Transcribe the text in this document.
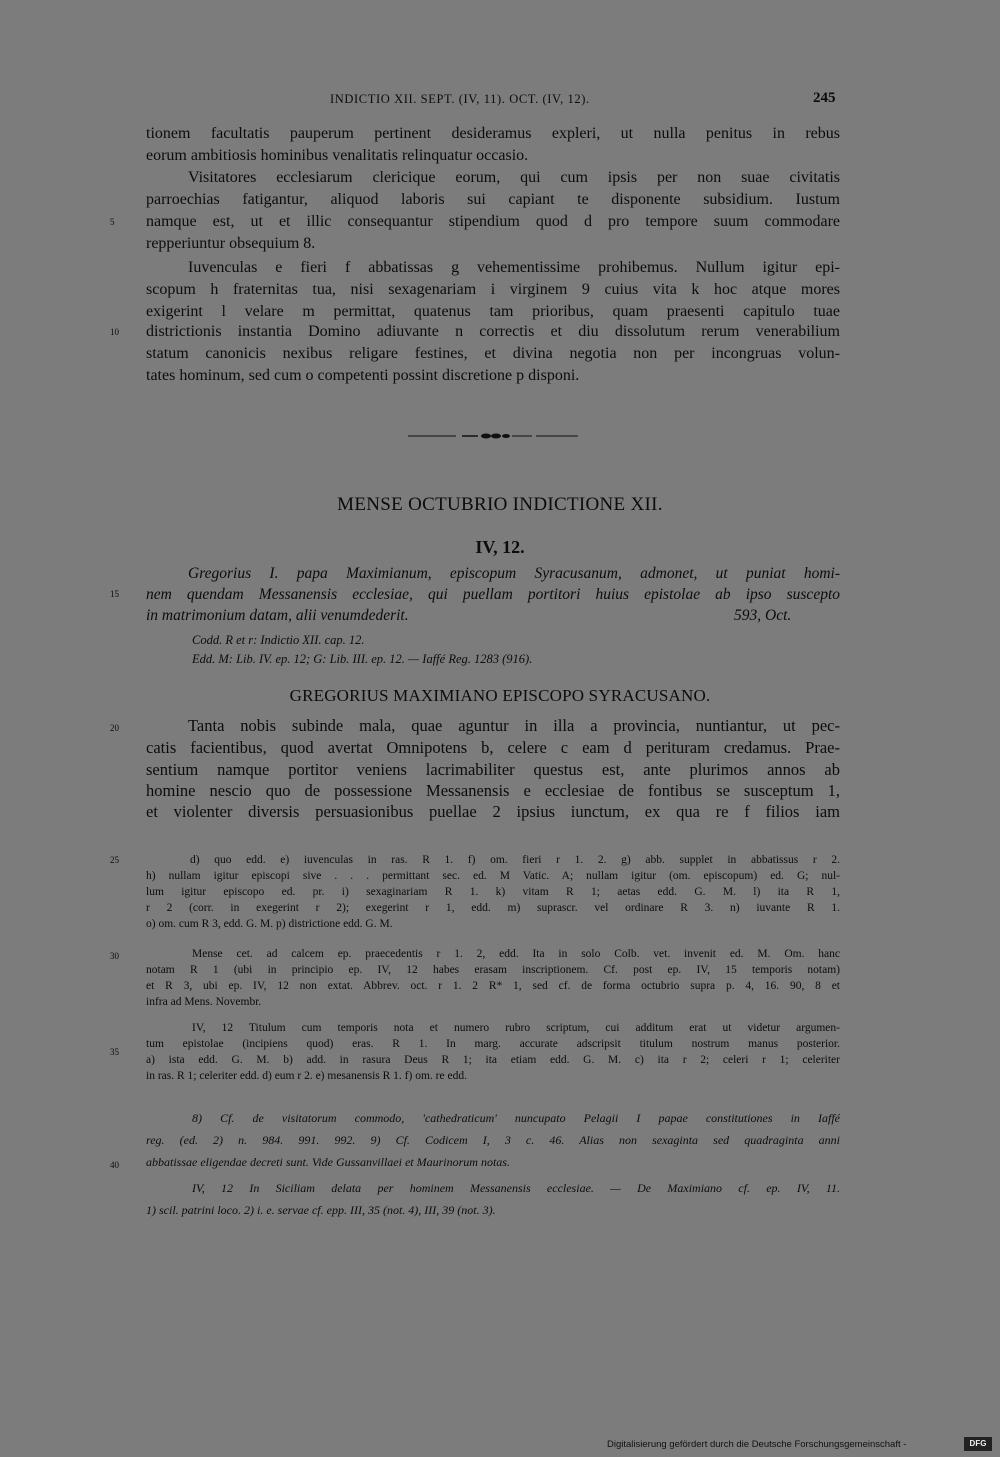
INDICTIO XII. SEPT. (IV, 11). OCT. (IV, 12).	245
tionem facultatis pauperum pertinent desideramus expleri, ut nulla penitus in rebus
eorum ambitiosis hominibus venalitatis relinquatur occasio.
Visitatores ecclesiarum clericique eorum, qui cum ipsis per non suae civitatis
parroechias fatigantur, aliquod laboris sui capiant te disponente subsidium. Iustum
namque est, ut et illic consequantur stipendium quod d pro tempore suum commodare
repperiuntur obsequium 8.
Iuvenculas e fieri f abbatissas g vehementissime prohibemus. Nullum igitur epi-
scopum h fraternitas tua, nisi sexagenariam i virginem 9 cuius vita k hoc atque mores
exigerint l velare m permittat, quatenus tam prioribus, quam praesenti capitulo tuae
districtionis instantia Domino adiuvante n correctis et diu dissolutum rerum venerabilium
statum canonicis nexibus religare festines, et divina negotia non per incongruas volun-
tates hominum, sed cum o competenti possint discretione p disponi.
5
10
15
20
25
30
35
40
MENSE OCTUBRIO INDICTIONE XII.
IV, 12.
Gregorius I. papa Maximianum, episcopum Syracusanum, admonet, ut puniat homi-
nem quendam Messanensis ecclesiae, qui puellam portitori huius epistolae ab ipso suscepto
in matrimonium datam, alii venumdederit.	593, Oct.
Codd. R et r: Indictio XII. cap. 12.
Edd. M: Lib. IV. ep. 12; G: Lib. III. ep. 12. — Iaffé Reg. 1283 (916).
GREGORIUS MAXIMIANO EPISCOPO SYRACUSANO.
Tanta nobis subinde mala, quae aguntur in illa a provincia, nuntiantur, ut pec-
catis facientibus, quod avertat Omnipotens b, celere c eam d perituram credamus. Prae-
sentium namque portitor veniens lacrimabiliter questus est, ante plurimos annos ab
homine nescio quo de possessione Messanensis e ecclesiae de fontibus se susceptum 1,
et violenter diversis persuasionibus puellae 2 ipsius iunctum, ex qua re f filios iam
d) quo edd. e) iuvenculas in ras. R 1. f) om. fieri r 1. 2. g) abb. supplet in abbatissus r 2.
h) nullam igitur episcopi sive . . . permittant sec. ed. M Vatic. A; nullam igitur (om. episcopum) ed. G; nul-
lum igitur episcopo ed. pr. i) sexaginariam R 1. k) vitam R 1; aetas edd. G. M. l) ita R 1,
r 2 (corr. in exegerint r 2); exegerint r 1, edd. m) suprascr. vel ordinare R 3. n) iuvante R 1.
o) om. cum R 3, edd. G. M. p) districtione edd. G. M.
Mense cet. ad calcem ep. praecedentis r 1. 2, edd. Ita in solo Colb. vet. invenit ed. M. Om. hanc
notam R 1 (ubi in principio ep. IV, 12 habes erasam inscriptionem. Cf. post ep. IV, 15 temporis notam)
et R 3, ubi ep. IV, 12 non extat. Abbrev. oct. r 1. 2 R* 1, sed cf. de forma octubrio supra p. 4, 16. 90, 8 et
infra ad Mens. Novembr.
IV, 12 Titulum cum temporis nota et numero rubro scriptum, cui additum erat ut videtur argumen-
tum epistolae (incipiens quod) eras. R 1. In marg. accurate adscripsit titulum nostrum manus posterior.
a) ista edd. G. M. b) add. in rasura Deus R 1; ita etiam edd. G. M. c) ita r 2; celeri r 1; celeriter
in ras. R 1; celeriter edd. d) eum r 2. e) mesanensis R 1. f) om. re edd.
8) Cf. de visitatorum commodo, 'cathedraticum' nuncupato Pelagii I papae constitutiones in Iaffé
reg. (ed. 2) n. 984. 991. 992. 9) Cf. Codicem I, 3 c. 46. Alias non sexaginta sed quadraginta anni
abbatissae eligendae decreti sunt. Vide Gussanvillaei et Maurinorum notas.
IV, 12 In Siciliam delata per hominem Messanensis ecclesiae. — De Maximiano cf. ep. IV, 11.
1) scil. patrini loco. 2) i. e. servae cf. epp. III, 35 (not. 4), III, 39 (not. 3).
Digitalisierung gefördert durch die Deutsche Forschungsgemeinschaft -	DFG
